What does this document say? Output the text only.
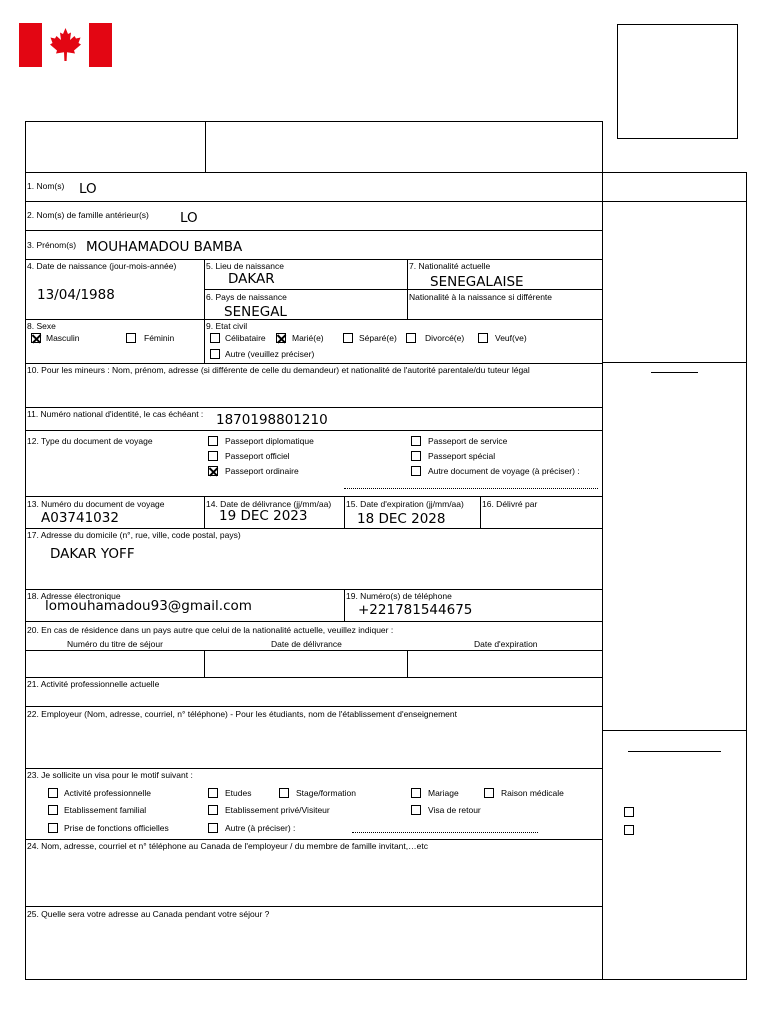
1. Nom(s) LO
2. Nom(s) de famille antérieur(s) LO
3. Prénom(s) MOUHAMADOU BAMBA
4. Date de naissance (jour-mois-année)
13/04/1988
5. Lieu de naissance
DAKAR
6. Pays de naissance
SENEGAL
7. Nationalité actuelle
SENEGALAISE
Nationalité à la naissance si différente
8. Sexe
Masculin	Féminin
9. Etat civil
Célibataire	Marié(e)	Séparé(e)	Divorcé(e)	Veuf(ve)
Autre (veuillez préciser)
10. Pour les mineurs : Nom, prénom, adresse (si différente de celle du demandeur) et nationalité de l'autorité parentale/du tuteur légal
11. Numéro national d'identité, le cas échéant : 1870198801210
12. Type du document de voyage	Passeport diplomatique
Passeport officiel
Passeport ordinaire
Passeport de service
Passeport spécial
Autre document de voyage (à préciser) :
13. Numéro du document de voyage
A03741032
14. Date de délivrance (jj/mm/aa)
19 DEC 2023
15. Date d'expiration (jj/mm/aa)
18 DEC 2028
16. Délivré par
17. Adresse du domicile (n°, rue, ville, code postal, pays)
DAKAR YOFF
18. Adresse électronique
lomouhamadou93@gmail.com
19. Numéro(s) de téléphone
+221781544675
20. En cas de résidence dans un pays autre que celui de la nationalité actuelle, veuillez indiquer :
Numéro du titre de séjour	Date de délivrance	Date d'expiration
21. Activité professionnelle actuelle
22. Employeur (Nom, adresse, courriel, n° téléphone) - Pour les étudiants, nom de l'établissement d'enseignement
23. Je sollicite un visa pour le motif suivant :
Activité professionnelle
Etablissement familial
Prise de fonctions officielles
Etudes
Etablissement privé/Visiteur
Autre (à préciser) :
Stage/formation	Mariage
Visa de retour
Raison médicale
24. Nom, adresse, courriel et n° téléphone au Canada de l'employeur / du membre de famille invitant,…etc
25. Quelle sera votre adresse au Canada pendant votre séjour ?
